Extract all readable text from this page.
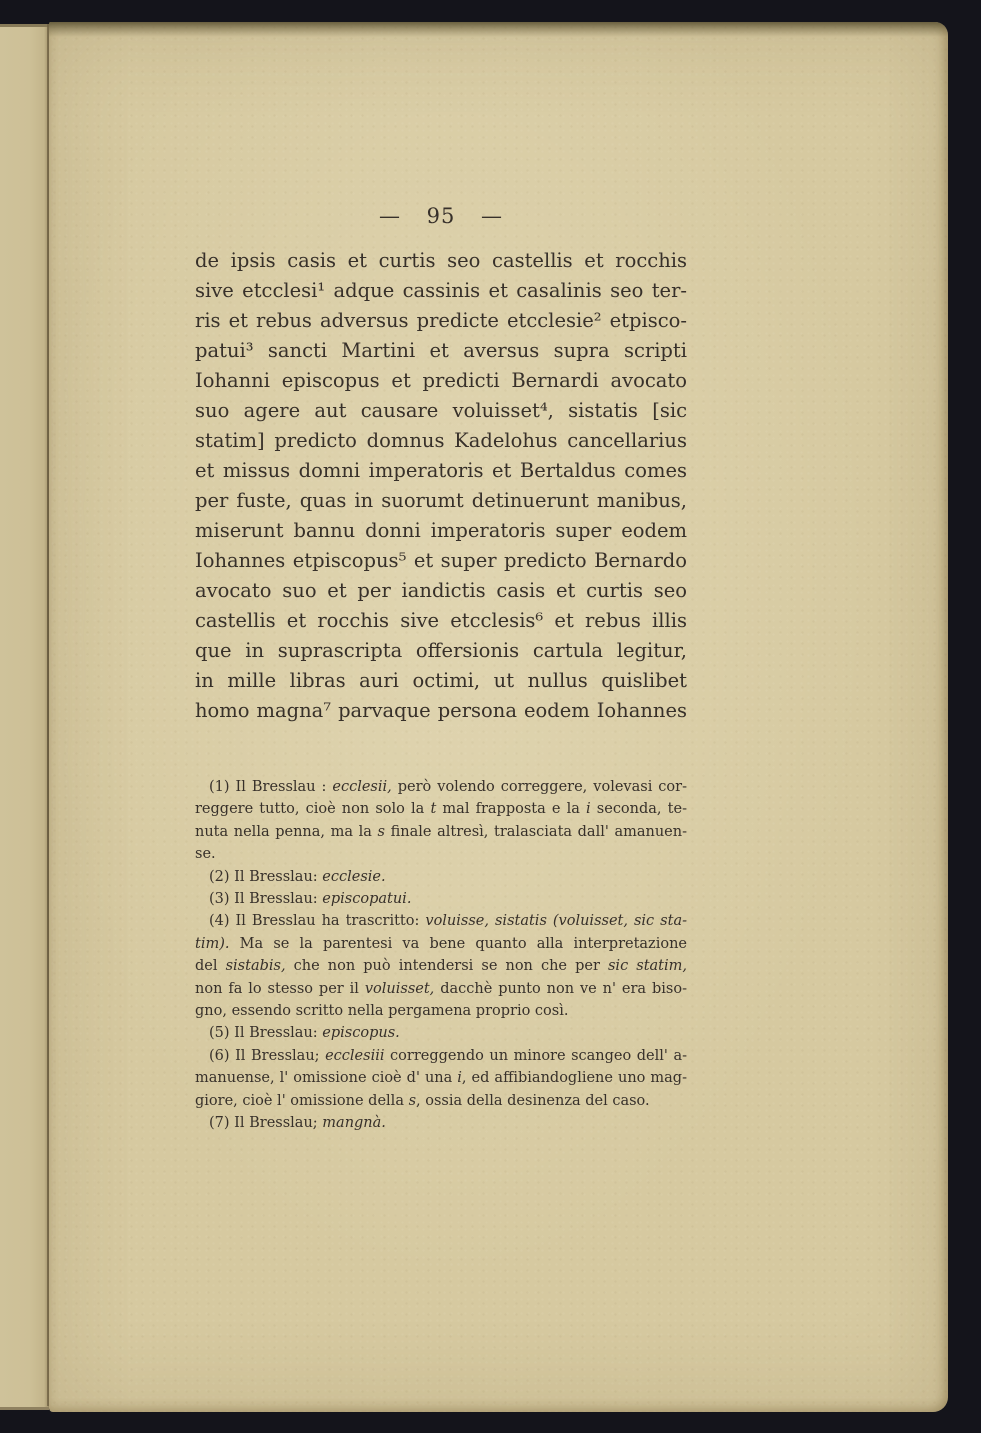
— 95 —
de ipsis casis et curtis seo castellis et rocchis
sive etcclesi¹ adque cassinis et casalinis seo ter-
ris et rebus adversus predicte etcclesie² etpisco-
patui³ sancti Martini et aversus supra scripti
Iohanni episcopus et predicti Bernardi avocato
suo agere aut causare voluisset⁴, sistatis [sic
statim] predicto domnus Kadelohus cancellarius
et missus domni imperatoris et Bertaldus comes
per fuste, quas in suorumt detinuerunt manibus,
miserunt bannu donni imperatoris super eodem
Iohannes etpiscopus⁵ et super predicto Bernardo
avocato suo et per iandictis casis et curtis seo
castellis et rocchis sive etcclesis⁶ et rebus illis
que in suprascripta offersionis cartula legitur,
in mille libras auri octimi, ut nullus quislibet
homo magna⁷ parvaque persona eodem Iohannes
(1) Il Bresslau : ecclesii, però volendo correggere, volevasi cor-
reggere tutto, cioè non solo la t mal frapposta e la i seconda, te-
nuta nella penna, ma la s finale altresì, tralasciata dall' amanuen-
se.
(2) Il Bresslau: ecclesie.
(3) Il Bresslau: episcopatui.
(4) Il Bresslau ha trascritto: voluisse, sistatis (voluisset, sic sta-
tim). Ma se la parentesi va bene quanto alla interpretazione
del sistabis, che non può intendersi se non che per sic statim,
non fa lo stesso per il voluisset, dacchè punto non ve n' era biso-
gno, essendo scritto nella pergamena proprio così.
(5) Il Bresslau: episcopus.
(6) Il Bresslau; ecclesiii correggendo un minore scangeo dell' a-
manuense, l' omissione cioè d' una i, ed affibiandogliene uno mag-
giore, cioè l' omissione della s, ossia della desinenza del caso.
(7) Il Bresslau; mangnà.
